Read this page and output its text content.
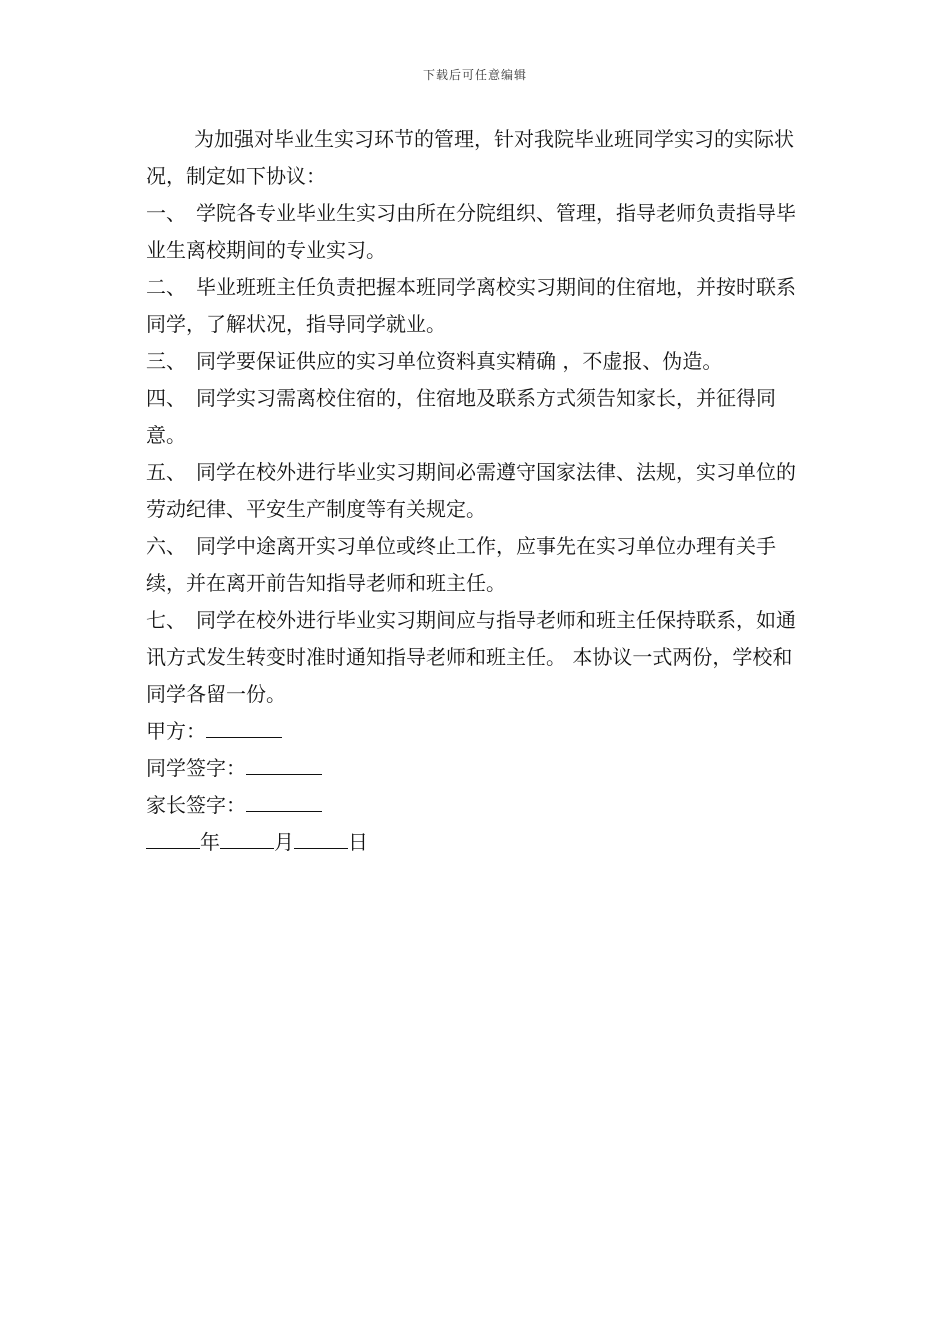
下载后可任意编辑

为加强对毕业生实习环节的管理，针对我院毕业班同学实习的实际状况，制定如下协议：

一、 学院各专业毕业生实习由所在分院组织、管理，指导老师负责指导毕业生离校期间的专业实习。

二、 毕业班班主任负责把握本班同学离校实习期间的住宿地，并按时联系同学，了解状况，指导同学就业。

三、 同学要保证供应的实习单位资料真实精确 ，不虚报、伪造。

四、 同学实习需离校住宿的，住宿地及联系方式须告知家长，并征得同意。

五、 同学在校外进行毕业实习期间必需遵守国家法律、法规，实习单位的劳动纪律、平安生产制度等有关规定。

六、 同学中途离开实习单位或终止工作，应事先在实习单位办理有关手续，并在离开前告知指导老师和班主任。

七、 同学在校外进行毕业实习期间应与指导老师和班主任保持联系，如通讯方式发生转变时准时通知指导老师和班主任。 本协议一式两份，学校和同学各留一份。

甲方：

同学签字：

家长签字：

年	月	日
